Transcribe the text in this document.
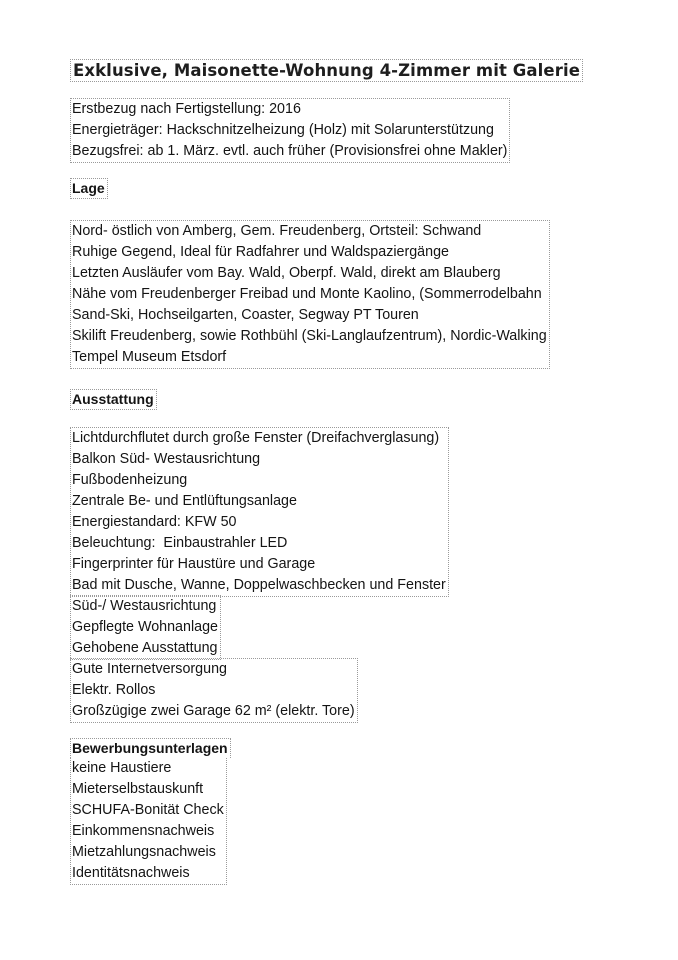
Exklusive, Maisonette-Wohnung 4-Zimmer mit Galerie
Erstbezug nach Fertigstellung: 2016
Energieträger: Hackschnitzelheizung (Holz) mit Solarunterstützung
Bezugsfrei: ab 1. März. evtl. auch früher (Provisionsfrei ohne Makler)
Lage
Nord- östlich von Amberg, Gem. Freudenberg, Ortsteil: Schwand
Ruhige Gegend, Ideal für Radfahrer und Waldspaziergänge
Letzten Ausläufer vom Bay. Wald, Oberpf. Wald, direkt am Blauberg
Nähe vom Freudenberger Freibad und Monte Kaolino, (Sommerrodelbahn
Sand-Ski, Hochseilgarten, Coaster, Segway PT Touren
Skilift Freudenberg, sowie Rothbühl (Ski-Langlaufzentrum), Nordic-Walking
Tempel Museum Etsdorf
Ausstattung
Lichtdurchflutet durch große Fenster (Dreifachverglasung)
Balkon Süd- Westausrichtung
Fußbodenheizung
Zentrale Be- und Entlüftungsanlage
Energiestandard: KFW 50
Beleuchtung:  Einbaustrahler LED
Fingerprinter für Haustüre und Garage
Bad mit Dusche, Wanne, Doppelwaschbecken und Fenster
Süd-/ Westausrichtung
Gepflegte Wohnanlage
Gehobene Ausstattung
Gute Internetversorgung
Elektr. Rollos
Großzügige zwei Garage 62 m² (elektr. Tore)
Bewerbungsunterlagen
keine Haustiere
Mieterselbstauskunft
SCHUFA-Bonität Check
Einkommensnachweis
Mietzahlungsnachweis
Identitätsnachweis
